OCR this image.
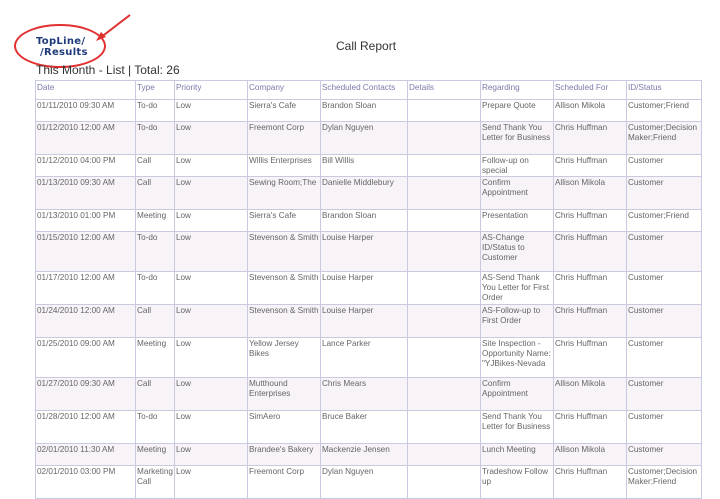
TopLine/
/Results	Call Report
This Month - List | Total: 26
Date	Type	Priority	Company	Scheduled Contacts	Details	Regarding	Scheduled For	ID/Status
01/11/2010 09:30 AM	To-do	Low	Sierra's Cafe	Brandon Sloan		Prepare Quote	Allison Mikola	Customer;Friend
01/12/2010 12:00 AM	To-do	Low	Freemont Corp	Dylan Nguyen		Send Thank You Letter for Business	Chris Huffman	Customer;Decision Maker;Friend
01/12/2010 04:00 PM	Call	Low	Willis Enterprises	Bill Willis		Follow-up on special	Chris Huffman	Customer
01/13/2010 09:30 AM	Call	Low	Sewing Room;The	Danielle Middlebury		Confirm Appointment	Allison Mikola	Customer
01/13/2010 01:00 PM	Meeting	Low	Sierra's Cafe	Brandon Sloan		Presentation	Chris Huffman	Customer;Friend
01/15/2010 12:00 AM	To-do	Low	Stevenson & Smith	Louise Harper		AS-Change ID/Status to Customer	Chris Huffman	Customer
01/17/2010 12:00 AM	To-do	Low	Stevenson & Smith	Louise Harper		AS-Send Thank You Letter for First Order	Chris Huffman	Customer
01/24/2010 12:00 AM	Call	Low	Stevenson & Smith	Louise Harper		AS-Follow-up to First Order	Chris Huffman	Customer
01/25/2010 09:00 AM	Meeting	Low	Yellow Jersey Bikes	Lance Parker		Site Inspection - Opportunity Name: "YJBikes-Nevada	Chris Huffman	Customer
01/27/2010 09:30 AM	Call	Low	Mutthound Enterprises	Chris Mears		Confirm Appointment	Allison Mikola	Customer
01/28/2010 12:00 AM	To-do	Low	SimAero	Bruce Baker		Send Thank You Letter for Business	Chris Huffman	Customer
02/01/2010 11:30 AM	Meeting	Low	Brandee's Bakery	Mackenzie Jensen		Lunch Meeting	Allison Mikola	Customer
02/01/2010 03:00 PM	Marketing Call	Low	Freemont Corp	Dylan Nguyen		Tradeshow Follow up	Chris Huffman	Customer;Decision Maker;Friend
